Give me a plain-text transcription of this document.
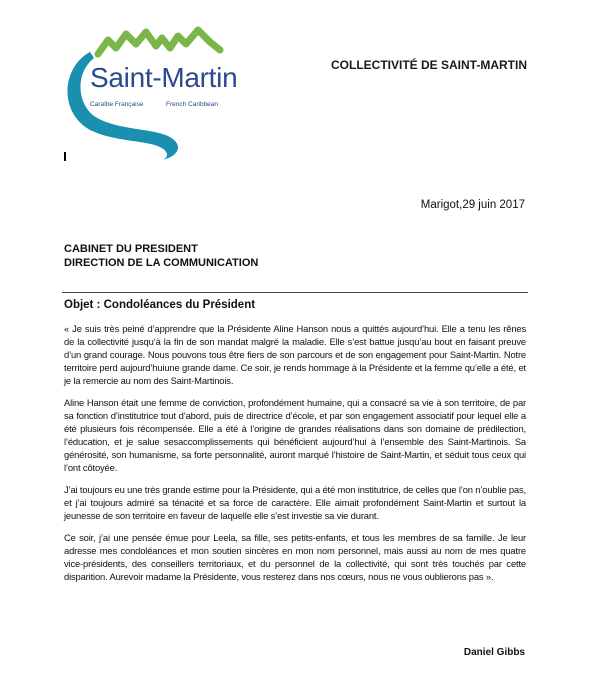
Saint-Martin
Caraïbe Française	French Caribbean
COLLECTIVITÉ DE SAINT-MARTIN
Marigot,29 juin 2017
CABINET DU PRESIDENT
DIRECTION DE LA COMMUNICATION
Objet : Condoléances du Président

« Je suis très peiné d’apprendre que la Présidente Aline Hanson nous a quittés aujourd’hui. Elle a tenu les rênes de la collectivité jusqu’à la fin de son mandat malgré la maladie. Elle s’est battue jusqu’au bout en faisant preuve d’un grand courage. Nous pouvons tous être fiers de son parcours et de son engagement pour Saint-Martin. Notre territoire perd aujourd’huiune grande dame. Ce soir, je rends hommage à la Présidente et la femme qu’elle a été, et je la remercie au nom des Saint-Martinois.

Aline Hanson était une femme de conviction, profondément humaine, qui a consacré sa vie à son territoire, de par sa fonction d’institutrice tout d’abord, puis de directrice d’école, et par son engagement associatif pour lequel elle a été plusieurs fois récompensée. Elle a été à l’origine de grandes réalisations dans son domaine de prédilection, l’éducation, et je salue sesaccomplissements qui bénéficient aujourd’hui à l’ensemble des Saint-Martinois. Sa générosité, son humanisme, sa forte personnalité, auront marqué l’histoire de Saint-Martin, et séduit tous ceux qui l’ont côtoyée.

J’ai toujours eu une très grande estime pour la Présidente, qui a été mon institutrice, de celles que l’on n’oublie pas, et j’ai toujours admiré sa ténacité et sa force de caractère. Elle aimait profondément Saint-Martin et surtout la jeunesse de son territoire en faveur de laquelle elle s’est investie sa vie durant.

Ce soir, j’ai une pensée émue pour Leela, sa fille, ses petits-enfants, et tous les membres de sa famille. Je leur adresse mes condoléances et mon soutien sincères en mon nom personnel, mais aussi au nom de mes quatre vice-présidents, des conseillers territoriaux, et du personnel de la collectivité, qui sont très touchés par cette disparition. Aurevoir madame la Présidente, vous resterez dans nos cœurs, nous ne vous oublierons pas ».

Daniel Gibbs
